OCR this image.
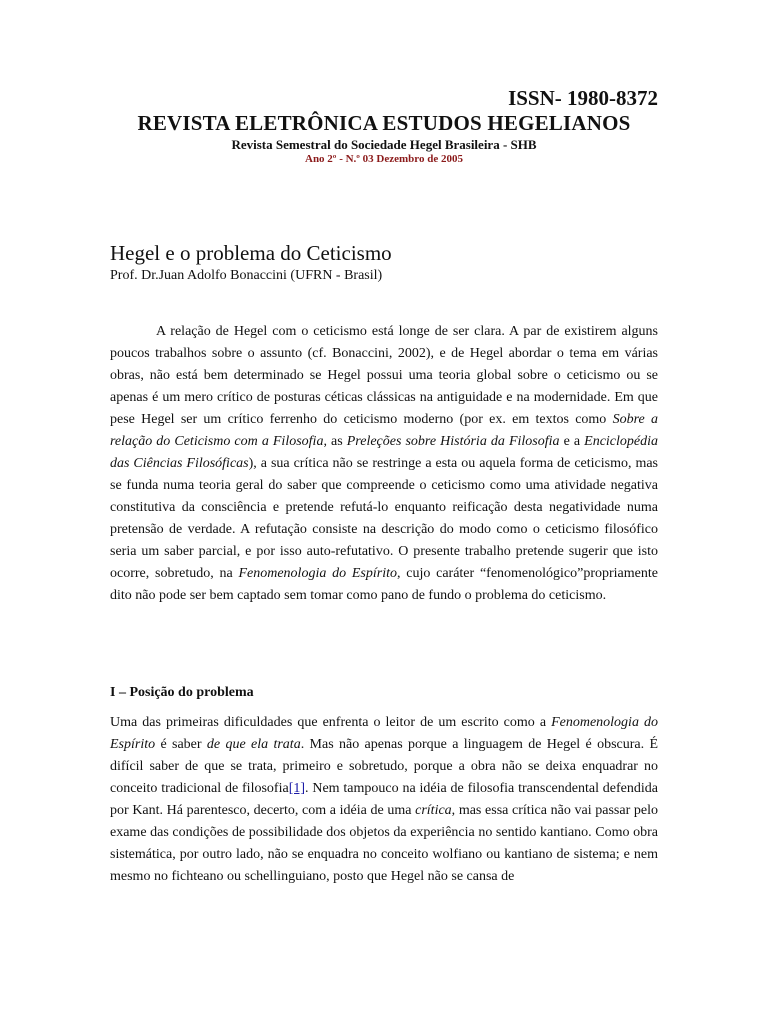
ISSN- 1980-8372
REVISTA ELETRÔNICA ESTUDOS HEGELIANOS
Revista Semestral do Sociedade Hegel Brasileira - SHB
Ano 2º - N.º 03 Dezembro de 2005
Hegel e o problema do Ceticismo
Prof. Dr.Juan Adolfo Bonaccini (UFRN - Brasil)

A relação de Hegel com o ceticismo está longe de ser clara. A par de existirem alguns poucos trabalhos sobre o assunto (cf. Bonaccini, 2002), e de Hegel abordar o tema em várias obras, não está bem determinado se Hegel possui uma teoria global sobre o ceticismo ou se apenas é um mero crítico de posturas céticas clássicas na antiguidade e na modernidade. Em que pese Hegel ser um crítico ferrenho do ceticismo moderno (por ex. em textos como Sobre a relação do Ceticismo com a Filosofia, as Preleções sobre História da Filosofia e a Enciclopédia das Ciências Filosóficas), a sua crítica não se restringe a esta ou aquela forma de ceticismo, mas se funda numa teoria geral do saber que compreende o ceticismo como uma atividade negativa constitutiva da consciência e pretende refutá-lo enquanto reificação desta negatividade numa pretensão de verdade. A refutação consiste na descrição do modo como o ceticismo filosófico seria um saber parcial, e por isso auto-refutativo. O presente trabalho pretende sugerir que isto ocorre, sobretudo, na Fenomenologia do Espírito, cujo caráter “fenomenológico”propriamente dito não pode ser bem captado sem tomar como pano de fundo o problema do ceticismo.

I – Posição do problema

Uma das primeiras dificuldades que enfrenta o leitor de um escrito como a Fenomenologia do Espírito é saber de que ela trata. Mas não apenas porque a linguagem de Hegel é obscura. É difícil saber de que se trata, primeiro e sobretudo, porque a obra não se deixa enquadrar no conceito tradicional de filosofia[1]. Nem tampouco na idéia de filosofia transcendental defendida por Kant. Há parentesco, decerto, com a idéia de uma crítica, mas essa crítica não vai passar pelo exame das condições de possibilidade dos objetos da experiência no sentido kantiano. Como obra sistemática, por outro lado, não se enquadra no conceito wolfiano ou kantiano de sistema; e nem mesmo no fichteano ou schellinguiano, posto que Hegel não se cansa de
